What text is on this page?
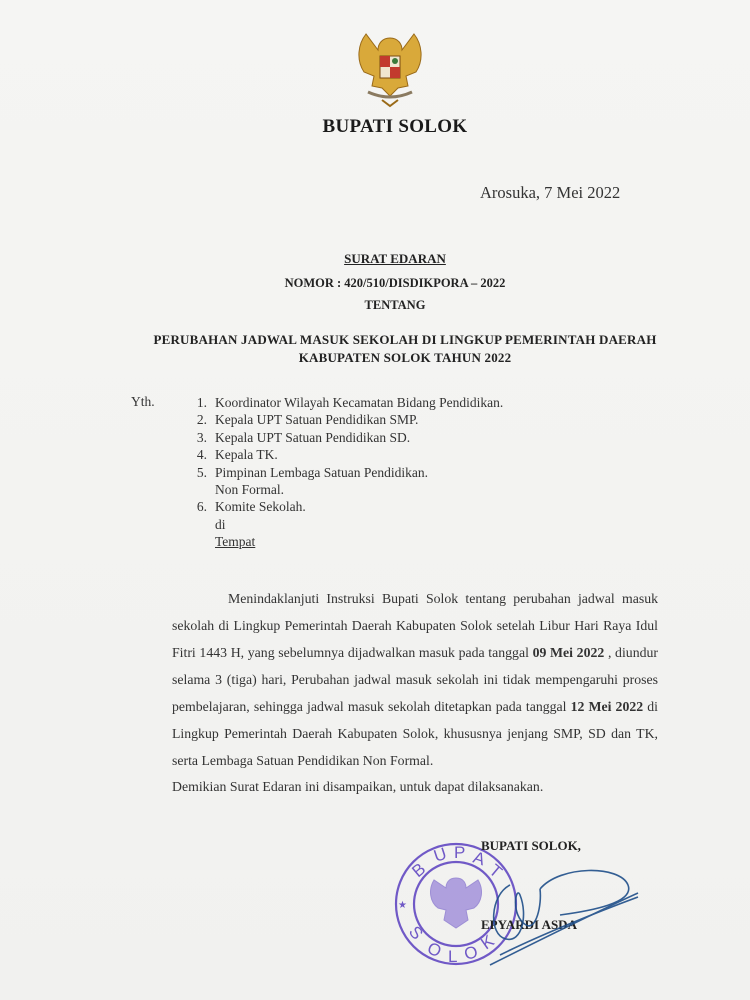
BUPATI SOLOK
Arosuka, 7 Mei 2022
SURAT EDARAN
NOMOR : 420/510/DISDIKPORA – 2022
TENTANG
PERUBAHAN JADWAL MASUK SEKOLAH DI LINGKUP PEMERINTAH DAERAH
KABUPATEN SOLOK TAHUN 2022
Yth.	1. Koordinator Wilayah Kecamatan Bidang Pendidikan.
2. Kepala UPT Satuan Pendidikan SMP.
3. Kepala UPT Satuan Pendidikan SD.
4. Kepala TK.
5. Pimpinan Lembaga Satuan Pendidikan.
Non Formal.
6. Komite Sekolah.
di
Tempat

Menindaklanjuti Instruksi Bupati Solok tentang perubahan jadwal masuk sekolah di Lingkup Pemerintah Daerah Kabupaten Solok setelah Libur Hari Raya Idul Fitri 1443 H, yang sebelumnya dijadwalkan masuk pada tanggal 09 Mei 2022 , diundur selama 3 (tiga) hari, Perubahan jadwal masuk sekolah ini tidak mempengaruhi proses pembelajaran, sehingga jadwal masuk sekolah ditetapkan pada tanggal 12 Mei 2022 di Lingkup Pemerintah Daerah Kabupaten Solok, khususnya jenjang SMP, SD dan TK, serta Lembaga Satuan Pendidikan Non Formal.

Demikian Surat Edaran ini disampaikan, untuk dapat dilaksanakan.
B
U P A
T
S
O L O
K
★
BUPATI SOLOK,
EPYARDI ASDA
